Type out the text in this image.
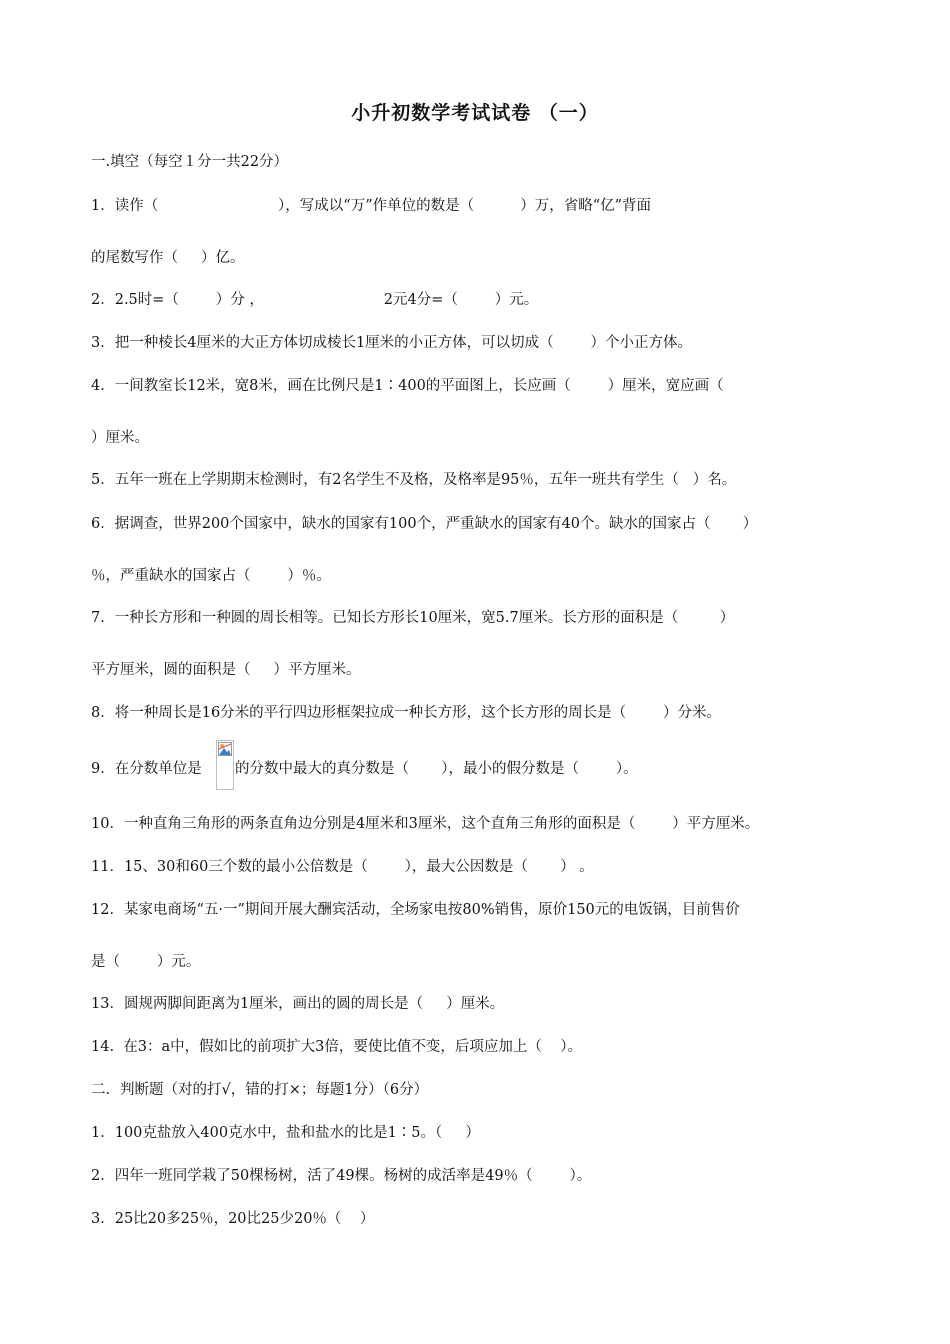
小升初数学考试试卷 （一）
一.填空（每空１分一共22分）
1．读作（                          ），写成以“万”作单位的数是（          ）万，省略“亿”背面
的尾数写作（     ）亿。
2．2.5时=（        ）分 ，                          2元4分=（        ）元。
3．把一种棱长4厘米的大正方体切成棱长1厘米的小正方体，可以切成（        ）个小正方体。
4．一间教室长12米，宽8米，画在比例尺是1∶400的平面图上，长应画（        ）厘米，宽应画（
）厘米。
5．五年一班在上学期期末检测时，有2名学生不及格，及格率是95％，五年一班共有学生（   ）名。
6．据调查，世界200个国家中，缺水的国家有100个，严重缺水的国家有40个。缺水的国家占（       ）
％，严重缺水的国家占（        ）％。
7．一种长方形和一种圆的周长相等。已知长方形长10厘米，宽5.7厘米。长方形的面积是（         ）
平方厘米，圆的面积是（     ）平方厘米。
8．将一种周长是16分米的平行四边形框架拉成一种长方形，这个长方形的周长是（        ）分米。
9．在分数单位是	的分数中最大的真分数是（       ），最小的假分数是（        ）。
10．一种直角三角形的两条直角边分别是4厘米和3厘米，这个直角三角形的面积是（        ）平方厘米。
11．15、30和60三个数的最小公倍数是（        ），最大公因数是（       ） 。
12．某家电商场“五·一”期间开展大酬宾活动，全场家电按80%销售，原价150元的电饭锅，目前售价
是（        ）元。
13．圆规两脚间距离为1厘米，画出的圆的周长是（     ）厘米。
14.  在3：a中，假如比的前项扩大3倍，要使比值不变，后项应加上（    ）。
二．判断题（对的打√，错的打×；每题1分）（6分）
1．100克盐放入400克水中，盐和盐水的比是1∶5。（     ）
2．四年一班同学栽了50棵杨树，活了49棵。杨树的成活率是49％（        ）。
3．25比20多25％，20比25少20％（    ）
